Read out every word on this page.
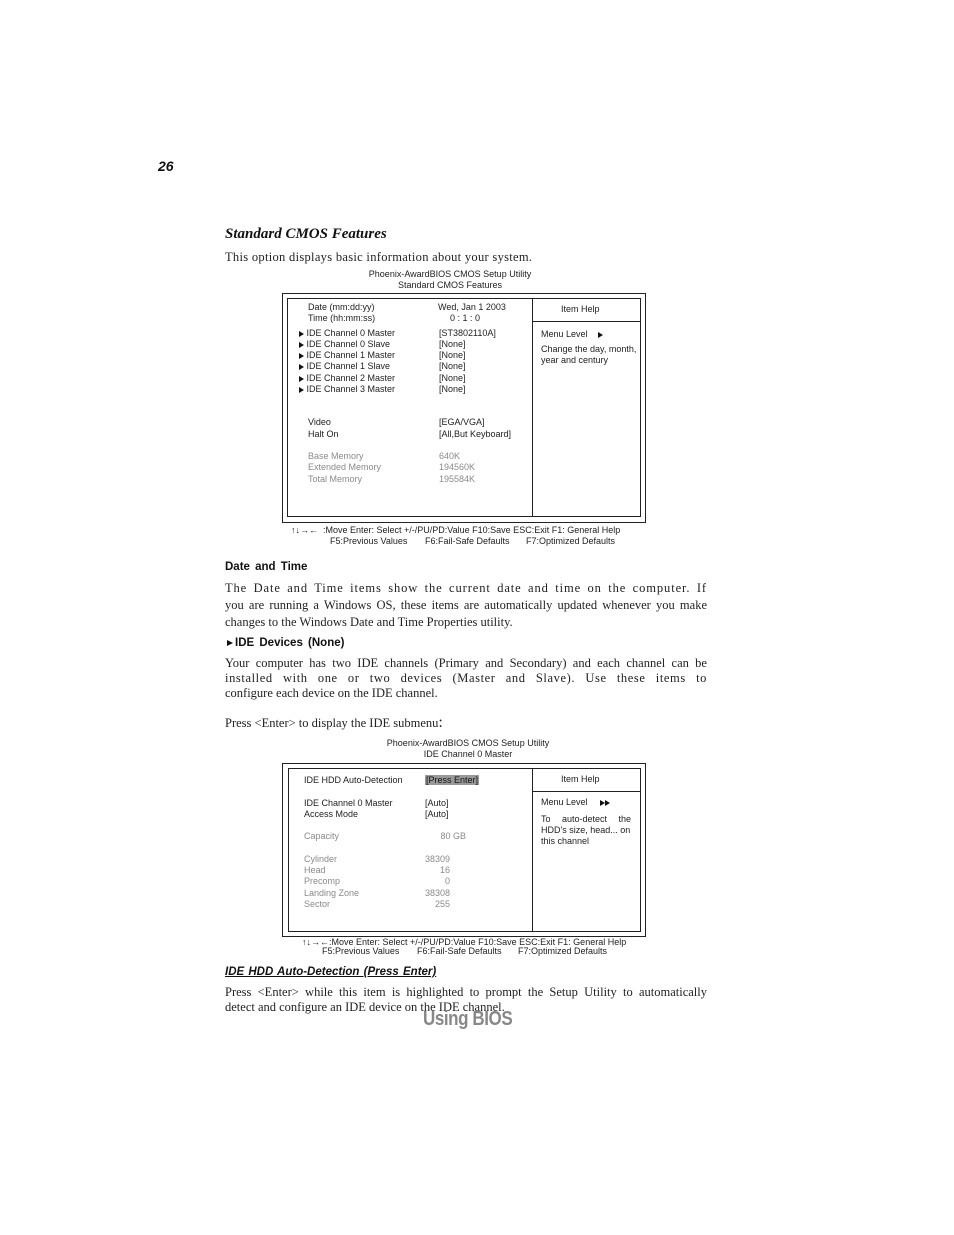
26
Standard CMOS Features
This option displays basic information about your system.
Phoenix-AwardBIOS CMOS Setup Utility
Standard CMOS Features
Date (mm:dd:yy)	Wed, Jan 1 2003
Time (hh:mm:ss)	0 : 1 : 0
IDE Channel 0 Master	[ST3802110A]
IDE Channel 0 Slave	[None]
IDE Channel 1 Master	[None]
IDE Channel 1 Slave	[None]
IDE Channel 2 Master	[None]
IDE Channel 3 Master	[None]
Video	[EGA/VGA]
Halt On	[All,But Keyboard]
Base Memory	640K
Extended Memory	194560K
Total Memory	195584K
Item Help
Menu Level
Change the day, month,
year and century
↑↓→← :Move Enter: Select +/-/PU/PD:Value F10:Save ESC:Exit F1: General Help
F5:Previous Values F6:Fail-Safe Defaults F7:Optimized Defaults
Date and Time
The Date and Time items show the current date and time on the computer. If
you are running a Windows OS, these items are automatically updated whenever you make
changes to the Windows Date and Time Properties utility.
IDE Devices (None)
Your computer has two IDE channels (Primary and Secondary) and each channel can be
installed with one or two devices (Master and Slave). Use these items to
configure each device on the IDE channel.
Press <Enter> to display the IDE submenu:
Phoenix-AwardBIOS CMOS Setup Utility
IDE Channel 0 Master
IDE HDD Auto-Detection	[Press Enter]
IDE Channel 0 Master	[Auto]
Access Mode	[Auto]
Capacity	80 GB
Cylinder	38309
Head	16
Precomp	0
Landing Zone	38308
Sector	255
Item Help
Menu Level
To auto-detect the
HDD's size, head... on
this channel
↑↓→←:Move Enter: Select +/-/PU/PD:Value F10:Save ESC:Exit F1: General Help
F5:Previous Values F6:Fail-Safe Defaults F7:Optimized Defaults
IDE HDD Auto-Detection (Press Enter)
Press <Enter> while this item is highlighted to prompt the Setup Utility to automatically
detect and configure an IDE device on the IDE channel.
Using BIOS
